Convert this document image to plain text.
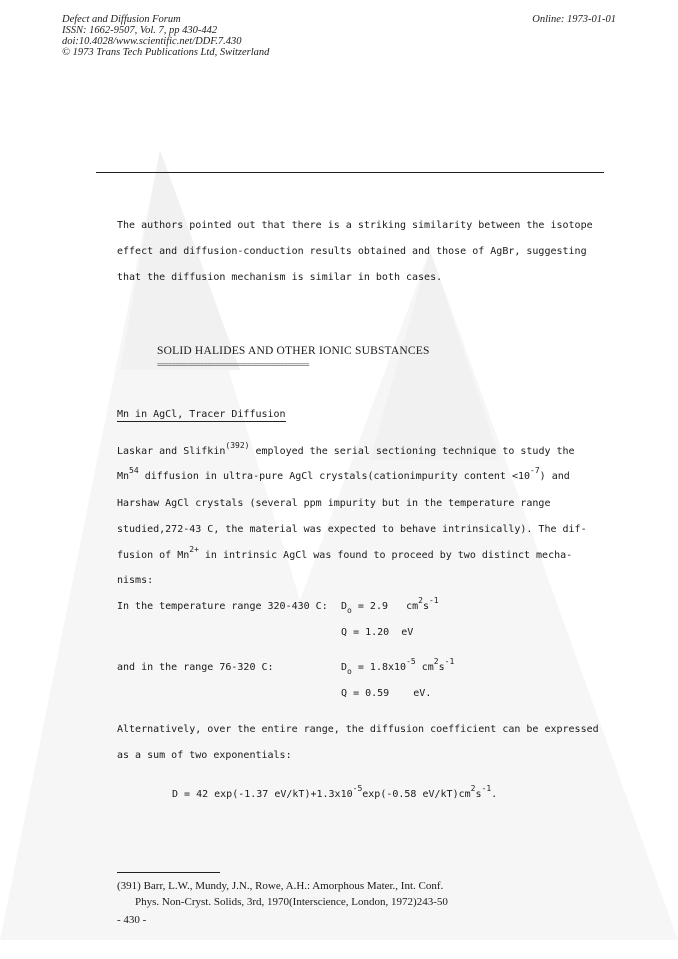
Defect and Diffusion Forum
ISSN: 1662-9507, Vol. 7, pp 430-442
doi:10.4028/www.scientific.net/DDF.7.430
© 1973 Trans Tech Publications Ltd, Switzerland
Online: 1973-01-01
The authors pointed out that there is a striking similarity between the isotope
effect and diffusion-conduction results obtained and those of AgBr, suggesting
that the diffusion mechanism is similar in both cases.
SOLID HALIDES AND OTHER IONIC SUBSTANCES
==========================================
Mn in AgCl, Tracer Diffusion
Laskar and Slifkin$^{(392)}$ employed the serial sectioning technique to study the
Mn$^{54}$ diffusion in ultra-pure AgCl crystals(cationimpurity content $<10^{-7}$) and
Harshaw AgCl crystals (several ppm impurity but in the temperature range
studied,272-43 C, the material was expected to behave intrinsically). The dif-
fusion of $Mn^{2+}$ in intrinsic AgCl was found to proceed by two distinct mecha-
nisms:
In the temperature range 320-430 C: $D_o = 2.9$ $cm^2s^{-1}$
Q = 1.20 eV
and in the range 76-320 C:	$D_o = 1.8x10^{-5}$ $cm^2s^{-1}$
Q = 0.59 eV.
Alternatively, over the entire range, the diffusion coefficient can be expressed
as a sum of two exponentials:
D = 42 exp(-1.37 $eV/kT)+1.3x10^{-5}\exp(-0.58$ $eV/kT)cm^2s^{-1}$.
(391) Barr, L.W., Mundy, J.N., Rowe, A.H.: Amorphous Mater., Int. Conf.
Phys. Non-Cryst. Solids, 3rd, 1970(Interscience, London, 1972)243-50
- 430 -
